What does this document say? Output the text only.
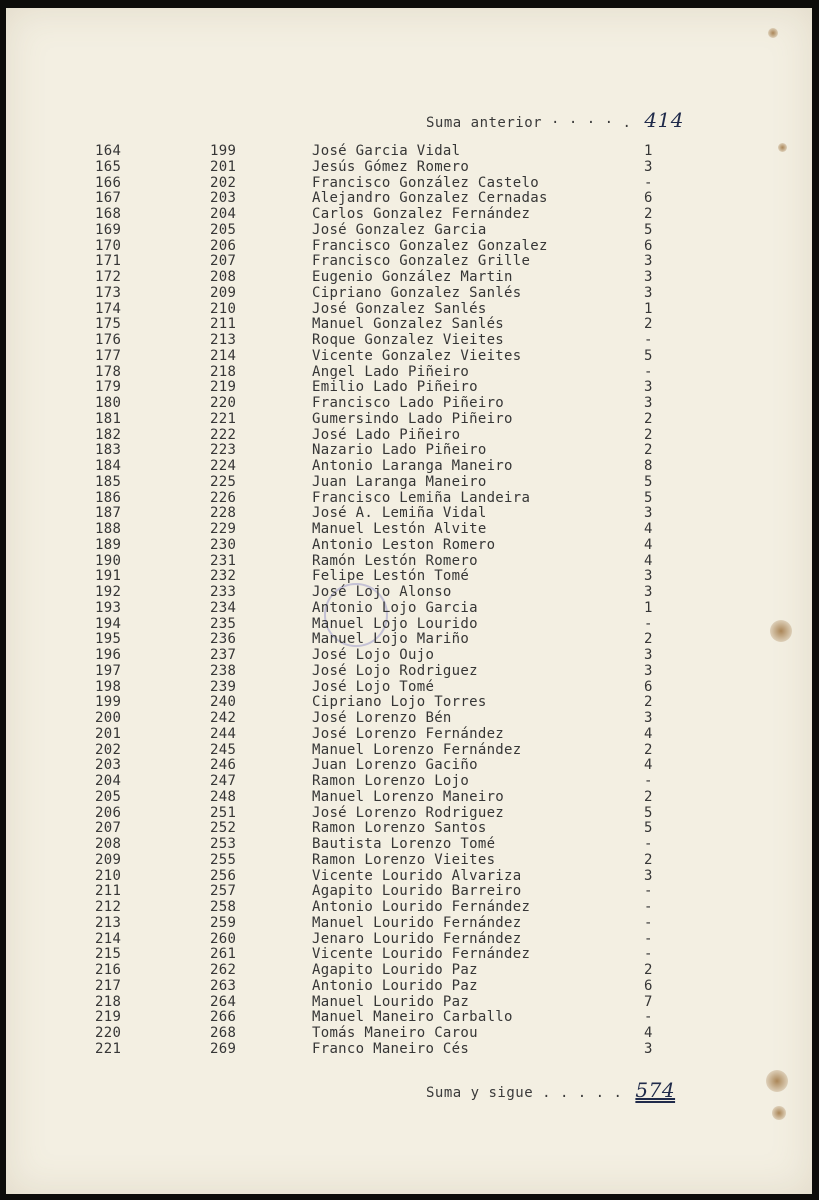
Suma anterior · · · · . 414
164	199	José Garcia Vidal	1
165	201	Jesús Gómez Romero	3
166	202	Francisco González Castelo	-
167	203	Alejandro Gonzalez Cernadas	6
168	204	Carlos Gonzalez Fernández	2
169	205	José Gonzalez Garcia	5
170	206	Francisco Gonzalez Gonzalez	6
171	207	Francisco Gonzalez Grille	3
172	208	Eugenio González Martin	3
173	209	Cipriano Gonzalez Sanlés	3
174	210	José Gonzalez Sanlés	1
175	211	Manuel Gonzalez Sanlés	2
176	213	Roque Gonzalez Vieites	-
177	214	Vicente Gonzalez Vieites	5
178	218	Angel Lado Piñeiro	-
179	219	Emilio Lado Piñeiro	3
180	220	Francisco Lado Piñeiro	3
181	221	Gumersindo Lado Piñeiro	2
182	222	José Lado Piñeiro	2
183	223	Nazario Lado Piñeiro	2
184	224	Antonio Laranga Maneiro	8
185	225	Juan Laranga Maneiro	5
186	226	Francisco Lemiña Landeira	5
187	228	José A. Lemiña Vidal	3
188	229	Manuel Lestón Alvite	4
189	230	Antonio Leston Romero	4
190	231	Ramón Lestón Romero	4
191	232	Felipe Lestón Tomé	3
192	233	José Lojo Alonso	3
193	234	Antonio Lojo Garcia	1
194	235	Manuel Lojo Lourido	-
195	236	Manuel Lojo Mariño	2
196	237	José Lojo Oujo	3
197	238	José Lojo Rodriguez	3
198	239	José Lojo Tomé	6
199	240	Cipriano Lojo Torres	2
200	242	José Lorenzo Bén	3
201	244	José Lorenzo Fernández	4
202	245	Manuel Lorenzo Fernández	2
203	246	Juan Lorenzo Gaciño	4
204	247	Ramon Lorenzo Lojo	-
205	248	Manuel Lorenzo Maneiro	2
206	251	José Lorenzo Rodriguez	5
207	252	Ramon Lorenzo Santos	5
208	253	Bautista Lorenzo Tomé	-
209	255	Ramon Lorenzo Vieites	2
210	256	Vicente Lourido Alvariza	3
211	257	Agapito Lourido Barreiro	-
212	258	Antonio Lourido Fernández	-
213	259	Manuel Lourido Fernández	-
214	260	Jenaro Lourido Fernández	-
215	261	Vicente Lourido Fernández	-
216	262	Agapito Lourido Paz	2
217	263	Antonio Lourido Paz	6
218	264	Manuel Lourido Paz	7
219	266	Manuel Maneiro Carballo	-
220	268	Tomás Maneiro Carou	4
221	269	Franco Maneiro Cés	3
Suma y sigue . . . . . 574
